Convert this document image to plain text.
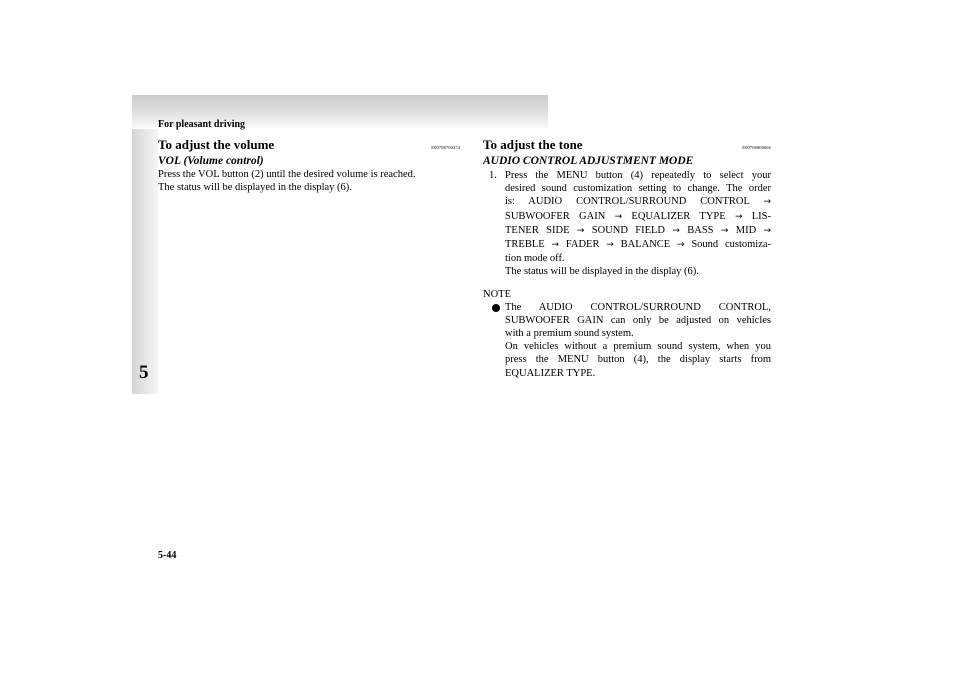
For pleasant driving
5
5-44
To adjust the volume	E00708700274
VOL (Volume control)
Press the VOL button (2) until the desired volume is reached.
The status will be displayed in the display (6).
To adjust the tone	E00708800666
AUDIO CONTROL ADJUSTMENT MODE
1. Press the MENU button (4) repeatedly to select your
desired sound customization setting to change. The order
is: AUDIO CONTROL/SURROUND CONTROL →
SUBWOOFER GAIN → EQUALIZER TYPE → LIS-
TENER SIDE → SOUND FIELD → BASS → MID →
TREBLE → FADER → BALANCE → Sound customiza-
tion mode off.
The status will be displayed in the display (6).
NOTE
The AUDIO CONTROL/SURROUND CONTROL,
SUBWOOFER GAIN can only be adjusted on vehicles
with a premium sound system.
On vehicles without a premium sound system, when you
press the MENU button (4), the display starts from
EQUALIZER TYPE.
